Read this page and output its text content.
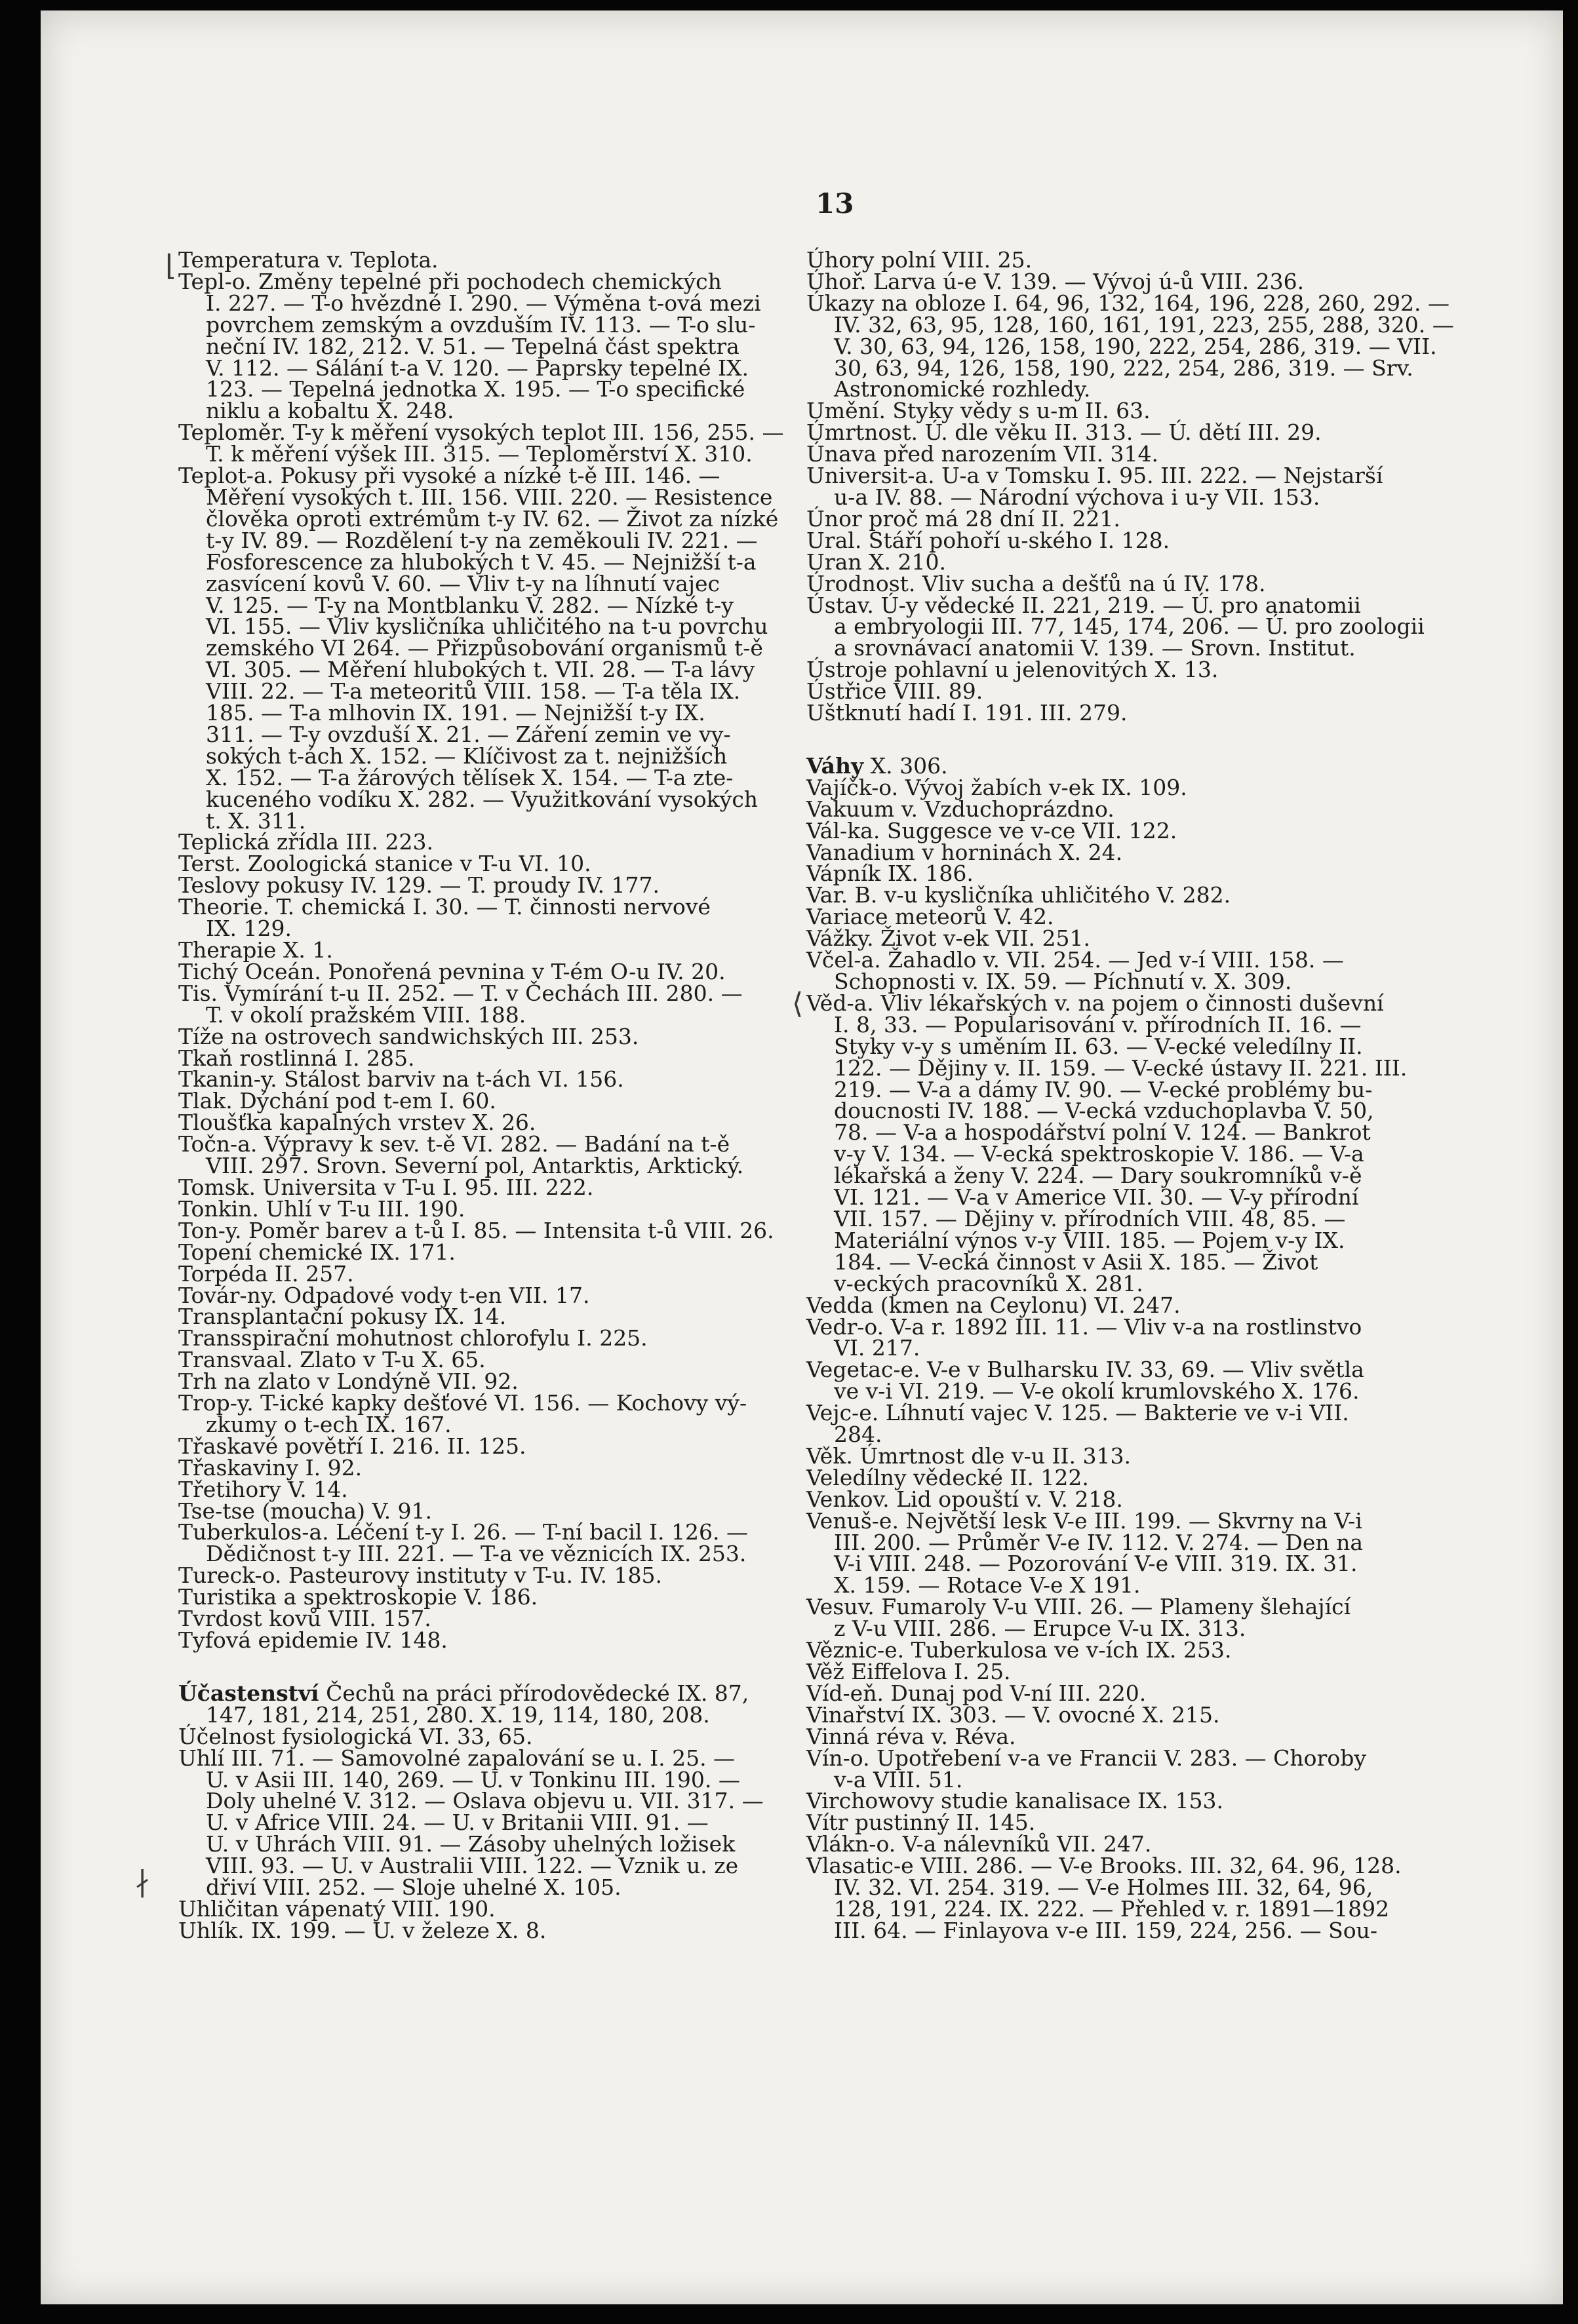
13
Temperatura v. Teplota.
Tepl-o. Změny tepelné při pochodech chemických
I. 227. — T-o hvězdné I. 290. — Výměna t-ová mezi
povrchem zemským a ovzduším IV. 113. — T-o slu-
neční IV. 182, 212. V. 51. — Tepelná část spektra
V. 112. — Sálání t-a V. 120. — Paprsky tepelné IX.
123. — Tepelná jednotka X. 195. — T-o specifické
niklu a kobaltu X. 248.
Teploměr. T-y k měření vysokých teplot III. 156, 255. —
T. k měření výšek III. 315. — Teploměrství X. 310.
Teplot-a. Pokusy při vysoké a nízké t-ě III. 146. —
Měření vysokých t. III. 156. VIII. 220. — Resistence
člověka oproti extrémům t-y IV. 62. — Život za nízké
t-y IV. 89. — Rozdělení t-y na zeměkouli IV. 221. —
Fosforescence za hlubokých t V. 45. — Nejnižší t-a
zasvícení kovů V. 60. — Vliv t-y na líhnutí vajec
V. 125. — T-y na Montblanku V. 282. — Nízké t-y
VI. 155. — Vliv kysličníka uhličitého na t-u povrchu
zemského VI 264. — Přizpůsobování organismů t-ě
VI. 305. — Měření hlubokých t. VII. 28. — T-a lávy
VIII. 22. — T-a meteoritů VIII. 158. — T-a těla IX.
185. — T-a mlhovin IX. 191. — Nejnižší t-y IX.
311. — T-y ovzduší X. 21. — Záření zemin ve vy-
sokých t-ách X. 152. — Klíčivost za t. nejnižších
X. 152. — T-a žárových tělísek X. 154. — T-a zte-
kuceného vodíku X. 282. — Využitkování vysokých
t. X. 311.
Teplická zřídla III. 223.
Terst. Zoologická stanice v T-u VI. 10.
Teslovy pokusy IV. 129. — T. proudy IV. 177.
Theorie. T. chemická I. 30. — T. činnosti nervové
IX. 129.
Therapie X. 1.
Tichý Oceán. Ponořená pevnina v T-ém O-u IV. 20.
Tis. Vymírání t-u II. 252. — T. v Čechách III. 280. —
T. v okolí pražském VIII. 188.
Tíže na ostrovech sandwichských III. 253.
Tkaň rostlinná I. 285.
Tkanin-y. Stálost barviv na t-ách VI. 156.
Tlak. Dýchání pod t-em I. 60.
Tloušťka kapalných vrstev X. 26.
Točn-a. Výpravy k sev. t-ě VI. 282. — Badání na t-ě
VIII. 297. Srovn. Severní pol, Antarktis, Arktický.
Tomsk. Universita v T-u I. 95. III. 222.
Tonkin. Uhlí v T-u III. 190.
Ton-y. Poměr barev a t-ů I. 85. — Intensita t-ů VIII. 26.
Topení chemické IX. 171.
Torpéda II. 257.
Továr-ny. Odpadové vody t-en VII. 17.
Transplantační pokusy IX. 14.
Transspirační mohutnost chlorofylu I. 225.
Transvaal. Zlato v T-u X. 65.
Trh na zlato v Londýně VII. 92.
Trop-y. T-ické kapky dešťové VI. 156. — Kochovy vý-
zkumy o t-ech IX. 167.
Třaskavé povětří I. 216. II. 125.
Třaskaviny I. 92.
Třetihory V. 14.
Tse-tse (moucha) V. 91.
Tuberkulos-a. Léčení t-y I. 26. — T-ní bacil I. 126. —
Dědičnost t-y III. 221. — T-a ve věznicích IX. 253.
Tureck-o. Pasteurovy instituty v T-u. IV. 185.
Turistika a spektroskopie V. 186.
Tvrdost kovů VIII. 157.
Tyfová epidemie IV. 148.
Účastenství Čechů na práci přírodovědecké IX. 87,
147, 181, 214, 251, 280. X. 19, 114, 180, 208.
Účelnost fysiologická VI. 33, 65.
Uhlí III. 71. — Samovolné zapalování se u. I. 25. —
U. v Asii III. 140, 269. — U. v Tonkinu III. 190. —
Doly uhelné V. 312. — Oslava objevu u. VII. 317. —
U. v Africe VIII. 24. — U. v Britanii VIII. 91. —
U. v Uhrách VIII. 91. — Zásoby uhelných ložisek
VIII. 93. — U. v Australii VIII. 122. — Vznik u. ze
dřiví VIII. 252. — Sloje uhelné X. 105.
Uhličitan vápenatý VIII. 190.
Uhlík. IX. 199. — U. v železe X. 8.
Úhory polní VIII. 25.
Úhoř. Larva ú-e V. 139. — Vývoj ú-ů VIII. 236.
Úkazy na obloze I. 64, 96, 132, 164, 196, 228, 260, 292. —
IV. 32, 63, 95, 128, 160, 161, 191, 223, 255, 288, 320. —
V. 30, 63, 94, 126, 158, 190, 222, 254, 286, 319. — VII.
30, 63, 94, 126, 158, 190, 222, 254, 286, 319. — Srv.
Astronomické rozhledy.
Umění. Styky vědy s u-m II. 63.
Úmrtnost. Ú. dle věku II. 313. — Ú. dětí III. 29.
Únava před narozením VII. 314.
Universit-a. U-a v Tomsku I. 95. III. 222. — Nejstarší
u-a IV. 88. — Národní výchova i u-y VII. 153.
Únor proč má 28 dní II. 221.
Ural. Stáří pohoří u-ského I. 128.
Uran X. 210.
Úrodnost. Vliv sucha a dešťů na ú IV. 178.
Ústav. Ú-y vědecké II. 221, 219. — Ú. pro anatomii
a embryologii III. 77, 145, 174, 206. — Ú. pro zoologii
a srovnávací anatomii V. 139. — Srovn. Institut.
Ústroje pohlavní u jelenovitých X. 13.
Ústřice VIII. 89.
Uštknutí hadí I. 191. III. 279.
Váhy X. 306.
Vajíčk-o. Vývoj žabích v-ek IX. 109.
Vakuum v. Vzduchoprázdno.
Vál-ka. Suggesce ve v-ce VII. 122.
Vanadium v horninách X. 24.
Vápník IX. 186.
Var. B. v-u kysličníka uhličitého V. 282.
Variace meteorů V. 42.
Vážky. Život v-ek VII. 251.
Včel-a. Žahadlo v. VII. 254. — Jed v-í VIII. 158. —
Schopnosti v. IX. 59. — Píchnutí v. X. 309.
Věd-a. Vliv lékařských v. na pojem o činnosti duševní
I. 8, 33. — Popularisování v. přírodních II. 16. —
Styky v-y s uměním II. 63. — V-ecké veledílny II.
122. — Dějiny v. II. 159. — V-ecké ústavy II. 221. III.
219. — V-a a dámy IV. 90. — V-ecké problémy bu-
doucnosti IV. 188. — V-ecká vzduchoplavba V. 50,
78. — V-a a hospodářství polní V. 124. — Bankrot
v-y V. 134. — V-ecká spektroskopie V. 186. — V-a
lékařská a ženy V. 224. — Dary soukromníků v-ě
VI. 121. — V-a v Americe VII. 30. — V-y přírodní
VII. 157. — Dějiny v. přírodních VIII. 48, 85. —
Materiální výnos v-y VIII. 185. — Pojem v-y IX.
184. — V-ecká činnost v Asii X. 185. — Život
v-eckých pracovníků X. 281.
Vedda (kmen na Ceylonu) VI. 247.
Vedr-o. V-a r. 1892 III. 11. — Vliv v-a na rostlinstvo
VI. 217.
Vegetac-e. V-e v Bulharsku IV. 33, 69. — Vliv světla
ve v-i VI. 219. — V-e okolí krumlovského X. 176.
Vejc-e. Líhnutí vajec V. 125. — Bakterie ve v-i VII.
284.
Věk. Úmrtnost dle v-u II. 313.
Veledílny vědecké II. 122.
Venkov. Lid opouští v. V. 218.
Venuš-e. Největší lesk V-e III. 199. — Skvrny na V-i
III. 200. — Průměr V-e IV. 112. V. 274. — Den na
V-i VIII. 248. — Pozorování V-e VIII. 319. IX. 31.
X. 159. — Rotace V-e X 191.
Vesuv. Fumaroly V-u VIII. 26. — Plameny šlehající
z V-u VIII. 286. — Erupce V-u IX. 313.
Věznic-e. Tuberkulosa ve v-ích IX. 253.
Věž Eiffelova I. 25.
Víd-eň. Dunaj pod V-ní III. 220.
Vinařství IX. 303. — V. ovocné X. 215.
Vinná réva v. Réva.
Vín-o. Upotřebení v-a ve Francii V. 283. — Choroby
v-a VIII. 51.
Virchowovy studie kanalisace IX. 153.
Vítr pustinný II. 145.
Vlákn-o. V-a nálevníků VII. 247.
Vlasatic-e VIII. 286. — V-e Brooks. III. 32, 64. 96, 128.
IV. 32. VI. 254. 319. — V-e Holmes III. 32, 64, 96,
128, 191, 224. IX. 222. — Přehled v. r. 1891—1892
III. 64. — Finlayova v-e III. 159, 224, 256. — Sou-
⌊
∤
⟨
